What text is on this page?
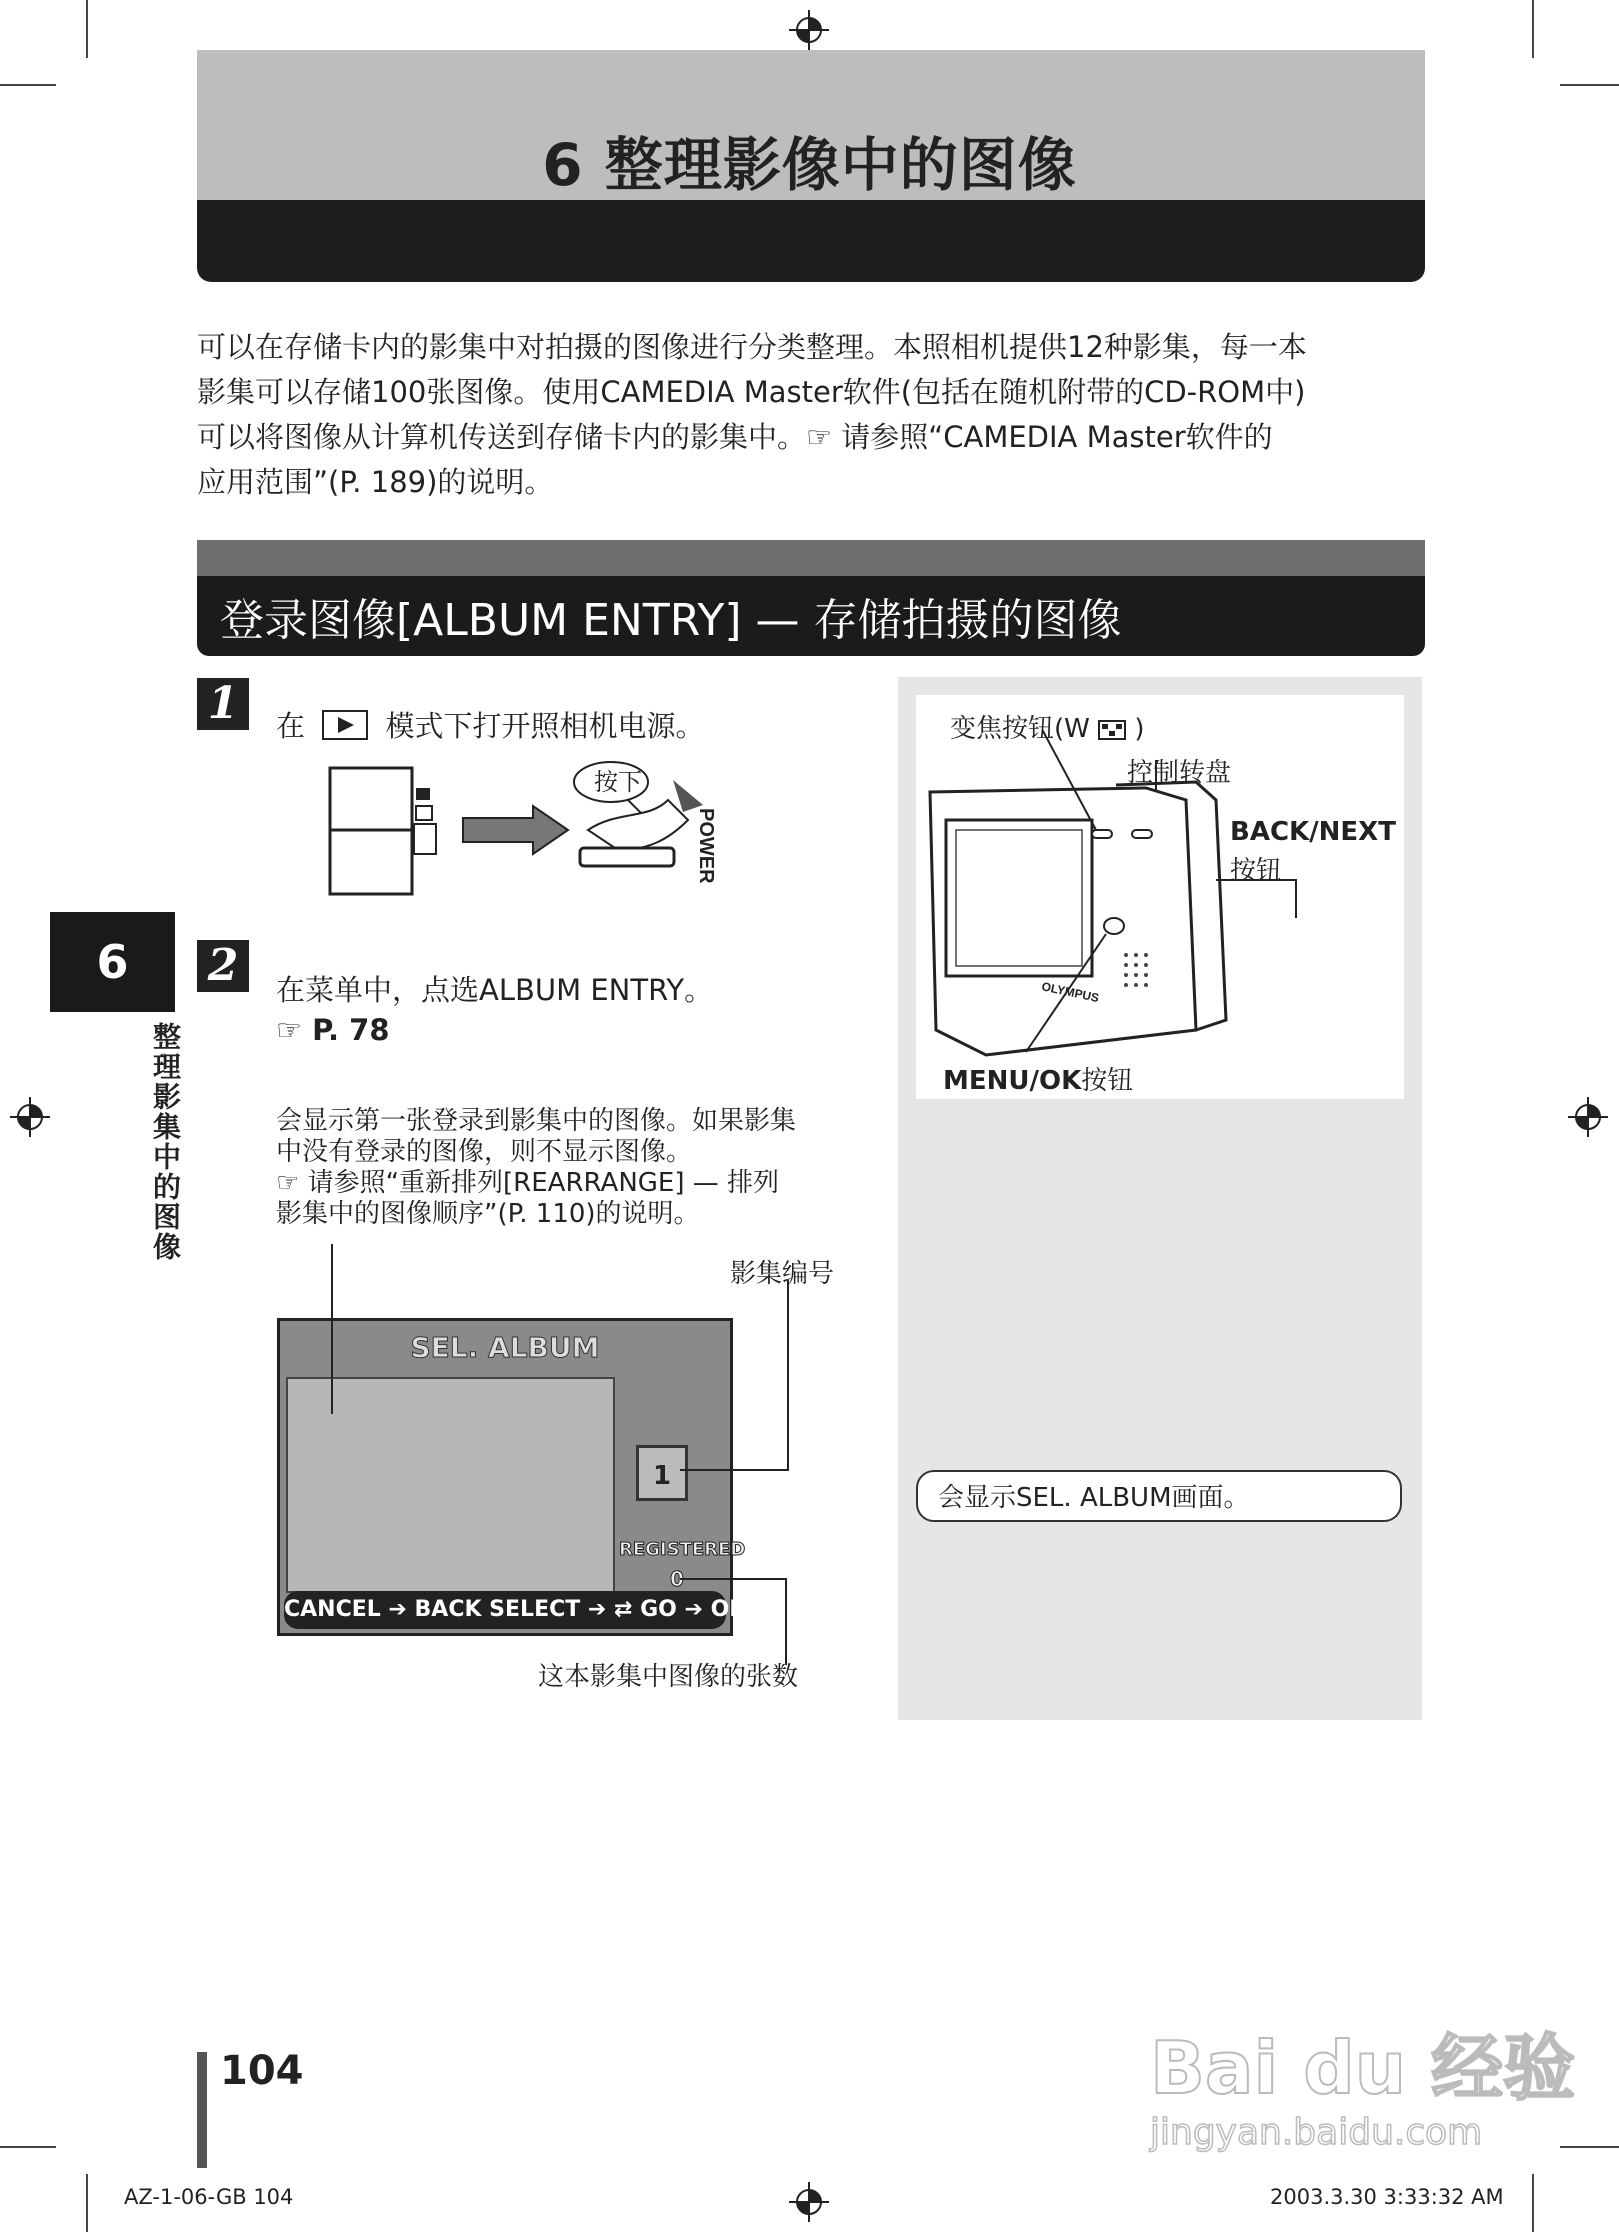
6 整理影像中的图像
可以在存储卡内的影集中对拍摄的图像进行分类整理。本照相机提供12种影集，每一本
影集可以存储100张图像。使用CAMEDIA Master软件(包括在随机附带的CD-ROM中)
可以将图像从计算机传送到存储卡内的影集中。☞ 请参照“CAMEDIA Master软件的
应用范围”(P. 189)的说明。
登录图像[ALBUM ENTRY] — 存储拍摄的图像
6
整理影集中的图像
1	在	模式下打开照相机电源。
按下
POWER
2	在菜单中，点选ALBUM ENTRY。
☞ P. 78
会显示第一张登录到影集中的图像。如果影集
中没有登录的图像，则不显示图像。
☞ 请参照“重新排列[REARRANGE] — 排列
影集中的图像顺序”(P. 110)的说明。
影集编号
SEL. ALBUM
1
REGISTERED
0
CANCEL ➔ BACK SELECT ➔ ⇄ GO ➔ OK
这本影集中图像的张数
变焦按钮(W )
控制转盘
BACK/NEXT
按钮
MENU/OK按钮
OLYMPUS
会显示SEL. ALBUM画面。
104	Bai du 经验
jingyan.baidu.com
AZ-1-06-GB 104	2003.3.30 3:33:32 AM
